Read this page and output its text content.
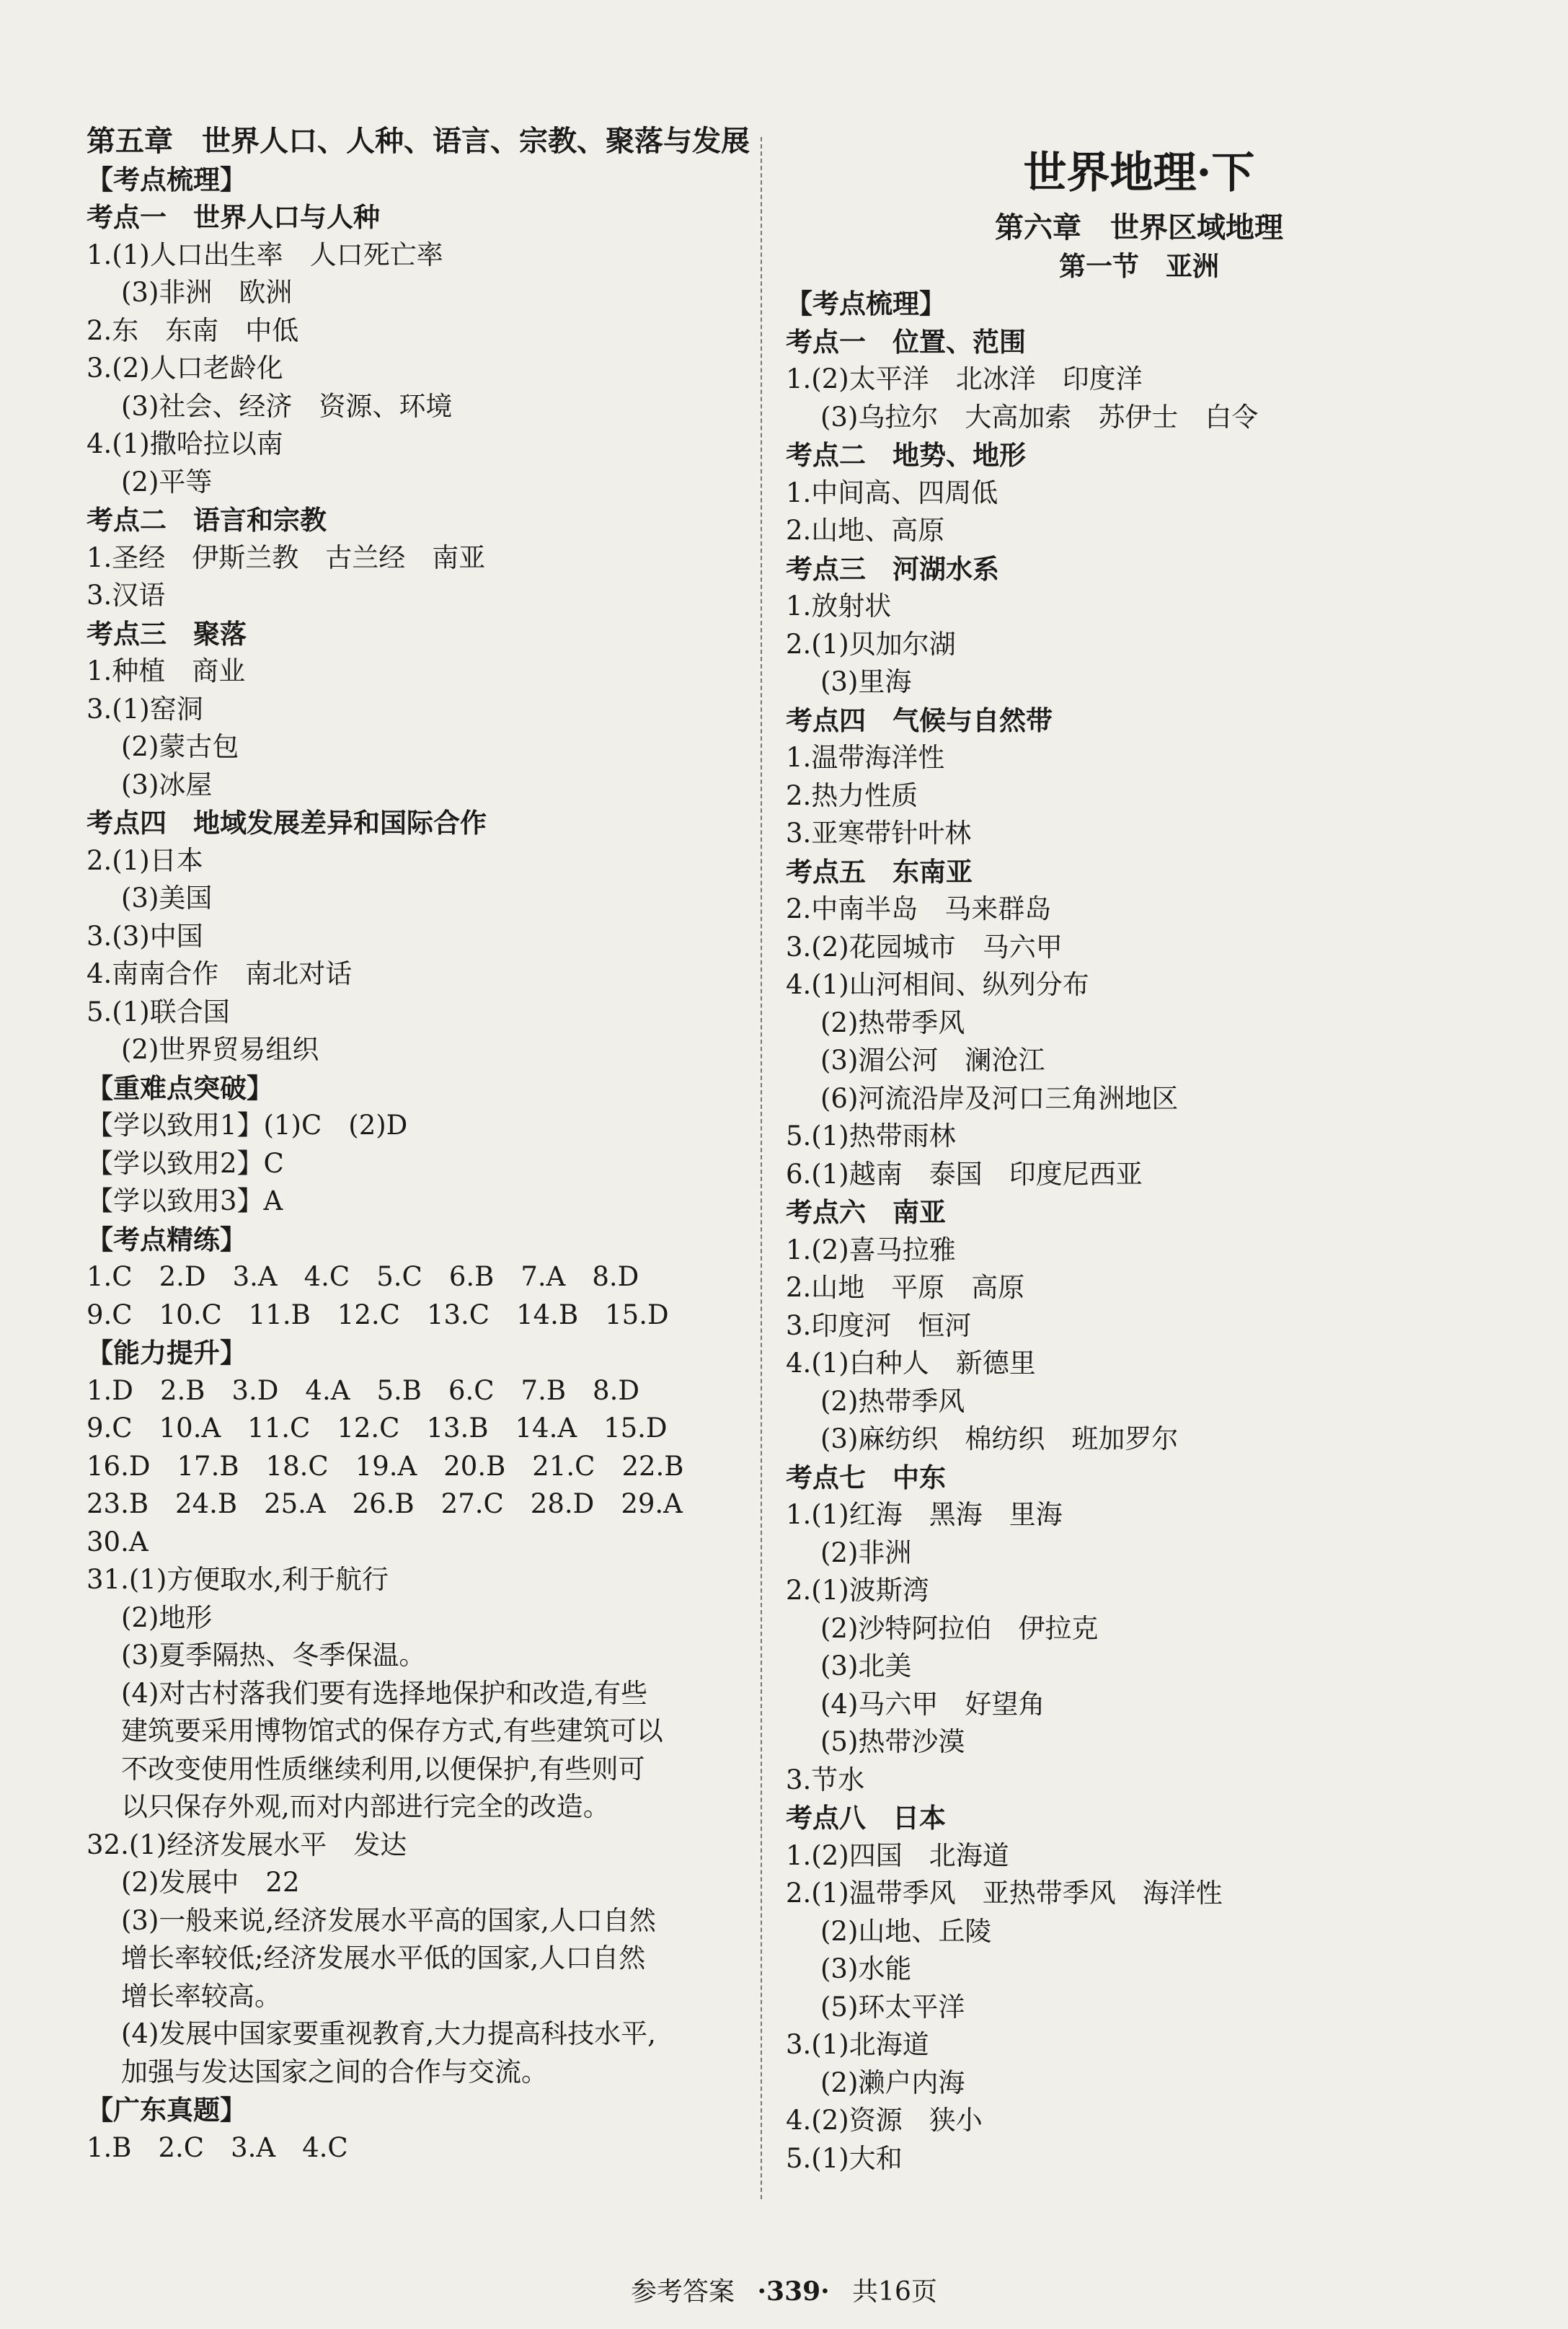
第五章　世界人口、人种、语言、宗教、聚落与发展
【考点梳理】
考点一　世界人口与人种
1.(1)人口出生率　人口死亡率
(3)非洲　欧洲
2.东　东南　中低
3.(2)人口老龄化
(3)社会、经济　资源、环境
4.(1)撒哈拉以南
(2)平等
考点二　语言和宗教
1.圣经　伊斯兰教　古兰经　南亚
3.汉语
考点三　聚落
1.种植　商业
3.(1)窑洞
(2)蒙古包
(3)冰屋
考点四　地域发展差异和国际合作
2.(1)日本
(3)美国
3.(3)中国
4.南南合作　南北对话
5.(1)联合国
(2)世界贸易组织
【重难点突破】
【学以致用1】(1)C　(2)D
【学以致用2】C
【学以致用3】A
【考点精练】
1.C　2.D　3.A　4.C　5.C　6.B　7.A　8.D
9.C　10.C　11.B　12.C　13.C　14.B　15.D
【能力提升】
1.D　2.B　3.D　4.A　5.B　6.C　7.B　8.D
9.C　10.A　11.C　12.C　13.B　14.A　15.D
16.D　17.B　18.C　19.A　20.B　21.C　22.B
23.B　24.B　25.A　26.B　27.C　28.D　29.A
30.A
31.(1)方便取水,利于航行
(2)地形
(3)夏季隔热、冬季保温。
(4)对古村落我们要有选择地保护和改造,有些
建筑要采用博物馆式的保存方式,有些建筑可以
不改变使用性质继续利用,以便保护,有些则可
以只保存外观,而对内部进行完全的改造。
32.(1)经济发展水平　发达
(2)发展中　22
(3)一般来说,经济发展水平高的国家,人口自然
增长率较低;经济发展水平低的国家,人口自然
增长率较高。
(4)发展中国家要重视教育,大力提高科技水平,
加强与发达国家之间的合作与交流。
【广东真题】
1.B　2.C　3.A　4.C
世界地理·下
第六章　世界区域地理
第一节　亚洲
【考点梳理】
考点一　位置、范围
1.(2)太平洋　北冰洋　印度洋
(3)乌拉尔　大高加索　苏伊士　白令
考点二　地势、地形
1.中间高、四周低
2.山地、高原
考点三　河湖水系
1.放射状
2.(1)贝加尔湖
(3)里海
考点四　气候与自然带
1.温带海洋性
2.热力性质
3.亚寒带针叶林
考点五　东南亚
2.中南半岛　马来群岛
3.(2)花园城市　马六甲
4.(1)山河相间、纵列分布
(2)热带季风
(3)湄公河　澜沧江
(6)河流沿岸及河口三角洲地区
5.(1)热带雨林
6.(1)越南　泰国　印度尼西亚
考点六　南亚
1.(2)喜马拉雅
2.山地　平原　高原
3.印度河　恒河
4.(1)白种人　新德里
(2)热带季风
(3)麻纺织　棉纺织　班加罗尔
考点七　中东
1.(1)红海　黑海　里海
(2)非洲
2.(1)波斯湾
(2)沙特阿拉伯　伊拉克
(3)北美
(4)马六甲　好望角
(5)热带沙漠
3.节水
考点八　日本
1.(2)四国　北海道
2.(1)温带季风　亚热带季风　海洋性
(2)山地、丘陵
(3)水能
(5)环太平洋
3.(1)北海道
(2)濑户内海
4.(2)资源　狭小
5.(1)大和
参考答案 ·339· 共16页
